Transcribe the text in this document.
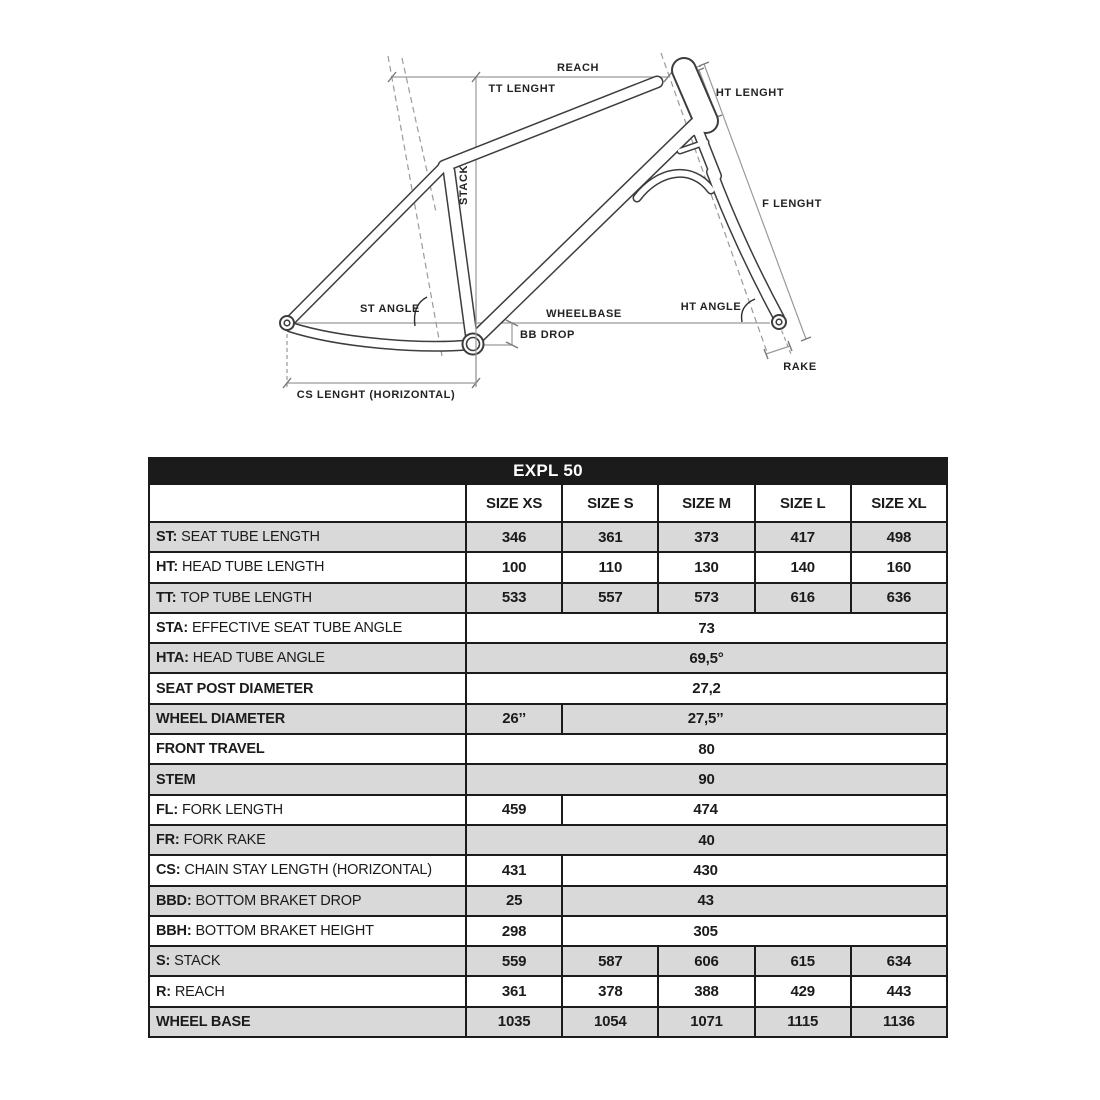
REACH
TT LENGHT	HT LENGHT
STACK	F LENGHT
ST ANGLE	WHEELBASE
BB DROP
HT ANGLE
RAKE
CS LENGHT (HORIZONTAL)
EXPL 50
SIZE XS	SIZE S	SIZE M	SIZE L	SIZE XL
ST: SEAT TUBE LENGTH	346	361	373	417	498
HT: HEAD TUBE LENGTH	100	110	130	140	160
TT: TOP TUBE LENGTH	533	557	573	616	636
STA: EFFECTIVE SEAT TUBE ANGLE	73
HTA: HEAD TUBE ANGLE	69,5°
SEAT POST DIAMETER	27,2
WHEEL DIAMETER	26’’	27,5’’
FRONT TRAVEL	80
STEM	90
FL: FORK LENGTH	459	474
FR: FORK RAKE	40
CS: CHAIN STAY LENGTH (HORIZONTAL)	431	430
BBD: BOTTOM BRAKET DROP	25	43
BBH: BOTTOM BRAKET HEIGHT	298	305
S: STACK	559	587	606	615	634
R: REACH	361	378	388	429	443
WHEEL BASE	1035	1054	1071	1115	1136
